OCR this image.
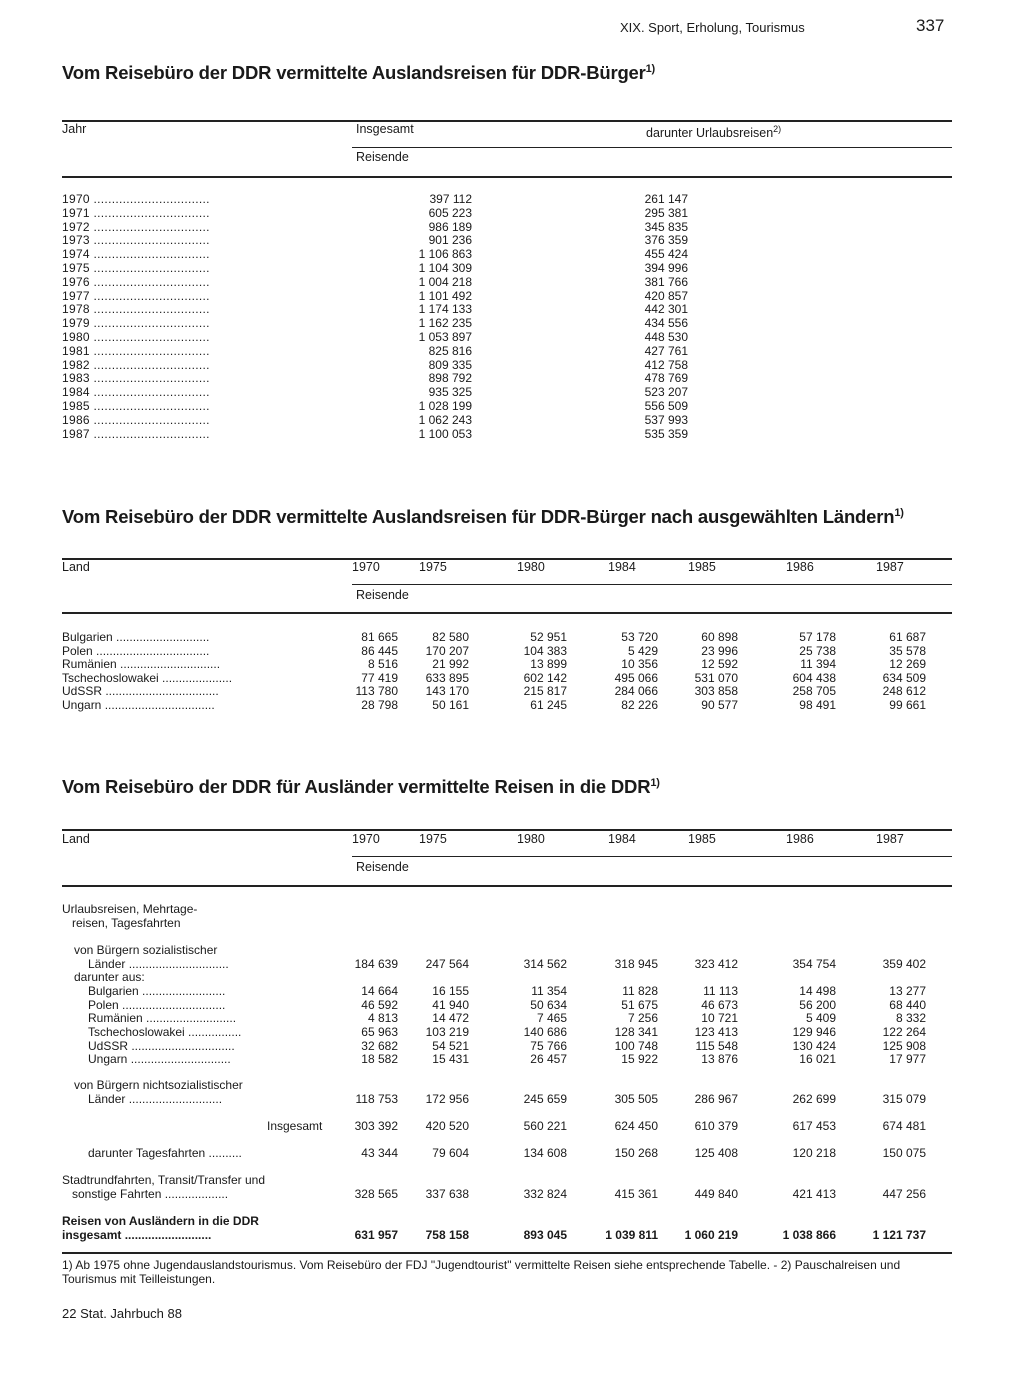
XIX. Sport, Erholung, Tourismus	337
Vom Reisebüro der DDR vermittelte Auslandsreisen für DDR-Bürger$^{1)}$
Jahr	Insgesamt	darunter Urlaubsreisen$^{2)}$
Reisende
1970 ................................	397 112	261 147
1971 ................................	605 223	295 381
1972 ................................	986 189	345 835
1973 ................................	901 236	376 359
1974 ................................	1 106 863	455 424
1975 ................................	1 104 309	394 996
1976 ................................	1 004 218	381 766
1977 ................................	1 101 492	420 857
1978 ................................	1 174 133	442 301
1979 ................................	1 162 235	434 556
1980 ................................	1 053 897	448 530
1981 ................................	825 816	427 761
1982 ................................	809 335	412 758
1983 ................................	898 792	478 769
1984 ................................	935 325	523 207
1985 ................................	1 028 199	556 509
1986 ................................	1 062 243	537 993
1987 ................................	1 100 053	535 359
Vom Reisebüro der DDR vermittelte Auslandsreisen für DDR-Bürger nach ausgewählten Ländern$^{1)}$
Land	1970	1975	1980	1984	1985	1986	1987
Reisende
Bulgarien ............................	81 665	82 580	52 951	53 720	60 898	57 178	61 687
Polen ..................................	86 445	170 207	104 383	5 429	23 996	25 738	35 578
Rumänien ..............................	8 516	21 992	13 899	10 356	12 592	11 394	12 269
Tschechoslowakei .....................	77 419	633 895	602 142	495 066	531 070	604 438	634 509
UdSSR ..................................	113 780	143 170	215 817	284 066	303 858	258 705	248 612
Ungarn .................................	28 798	50 161	61 245	82 226	90 577	98 491	99 661
Vom Reisebüro der DDR für Ausländer vermittelte Reisen in die DDR$^{1)}$
Land	1970	1975	1980	1984	1985	1986	1987
Reisende
Urlaubsreisen, Mehrtage-
reisen, Tagesfahrten
von Bürgern sozialistischer
Länder ..............................	184 639	247 564	314 562	318 945	323 412	354 754	359 402
darunter aus:
Bulgarien .........................	14 664	16 155	11 354	11 828	11 113	14 498	13 277
Polen ...............................	46 592	41 940	50 634	51 675	46 673	56 200	68 440
Rumänien ...........................	4 813	14 472	7 465	7 256	10 721	5 409	8 332
Tschechoslowakei ................	65 963	103 219	140 686	128 341	123 413	129 946	122 264
UdSSR ...............................	32 682	54 521	75 766	100 748	115 548	130 424	125 908
Ungarn ..............................	18 582	15 431	26 457	15 922	13 876	16 021	17 977
von Bürgern nichtsozialistischer
Länder ............................	118 753	172 956	245 659	305 505	286 967	262 699	315 079
Insgesamt	303 392	420 520	560 221	624 450	610 379	617 453	674 481
darunter Tagesfahrten ..........	43 344	79 604	134 608	150 268	125 408	120 218	150 075
Stadtrundfahrten, Transit/Transfer und
sonstige Fahrten ...................	328 565	337 638	332 824	415 361	449 840	421 413	447 256
Reisen von Ausländern in die DDR
insgesamt ..........................	631 957	758 158	893 045	1 039 811	1 060 219	1 038 866	1 121 737
1) Ab 1975 ohne Jugendauslandstourismus. Vom Reisebüro der FDJ "Jugendtourist" vermittelte Reisen siehe entsprechende Tabelle. - 2) Pauschalreisen und Tourismus mit Teilleistungen.
22 Stat. Jahrbuch 88
